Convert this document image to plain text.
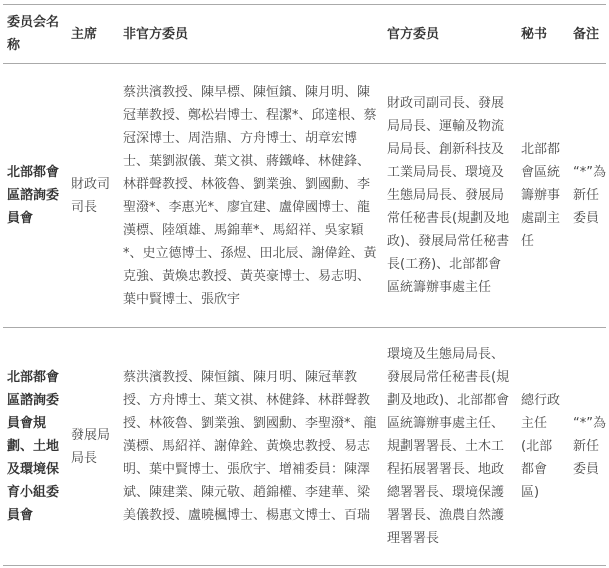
委员会名称	主席	非官方委员	官方委员	秘书	备注
北部都會區諮詢委員會	財政司司長	蔡洪濱教授、陳早標、陳恒鑌、陳月明、陳冠華教授、鄭松岩博士、程潔*、邱達根、蔡冠深博士、周浩鼎、方舟博士、胡章宏博士、葉劉淑儀、葉文祺、蔣鐵峰、林健鋒、林群聲教授、林筱魯、劉業強、劉國勳、李聖潑*、李惠光*、廖宜建、盧偉國博士、龍漢標、陸頌雄、馬錦華*、馬紹祥、吳家穎*、史立德博士、孫煜、田北辰、謝偉銓、黃克強、黃煥忠教授、黃英豪博士、易志明、葉中賢博士、張欣宇	財政司副司長、發展局局長、運輸及物流局局長、創新科技及工業局局長、環境及生態局局長、發展局常任秘書長(規劃及地政)、發展局常任秘書長(工務)、北部都會區統籌辦事處主任	北部都會區統籌辦事處副主任	“*”為新任委員
北部都會區諮詢委員會規劃、土地及環境保育小組委員會	發展局局長	蔡洪濱教授、陳恒鑌、陳月明、陳冠華教授、方舟博士、葉文祺、林健鋒、林群聲教授、林筱魯、劉業強、劉國勳、李聖潑*、龍漢標、馬紹祥、謝偉銓、黃煥忠教授、易志明、葉中賢博士、張欣宇、增補委員：陳澤斌、陳建業、陳元敬、趙錦權、李建華、梁美儀教授、盧曉楓博士、楊惠文博士、百瑞	環境及生態局局長、發展局常任秘書長(規劃及地政)、北部都會區統籌辦事處主任、規劃署署長、土木工程拓展署署長、地政總署署長、環境保護署署長、漁農自然護理署署長	總行政主任(北部都會區)	“*”為新任委員
